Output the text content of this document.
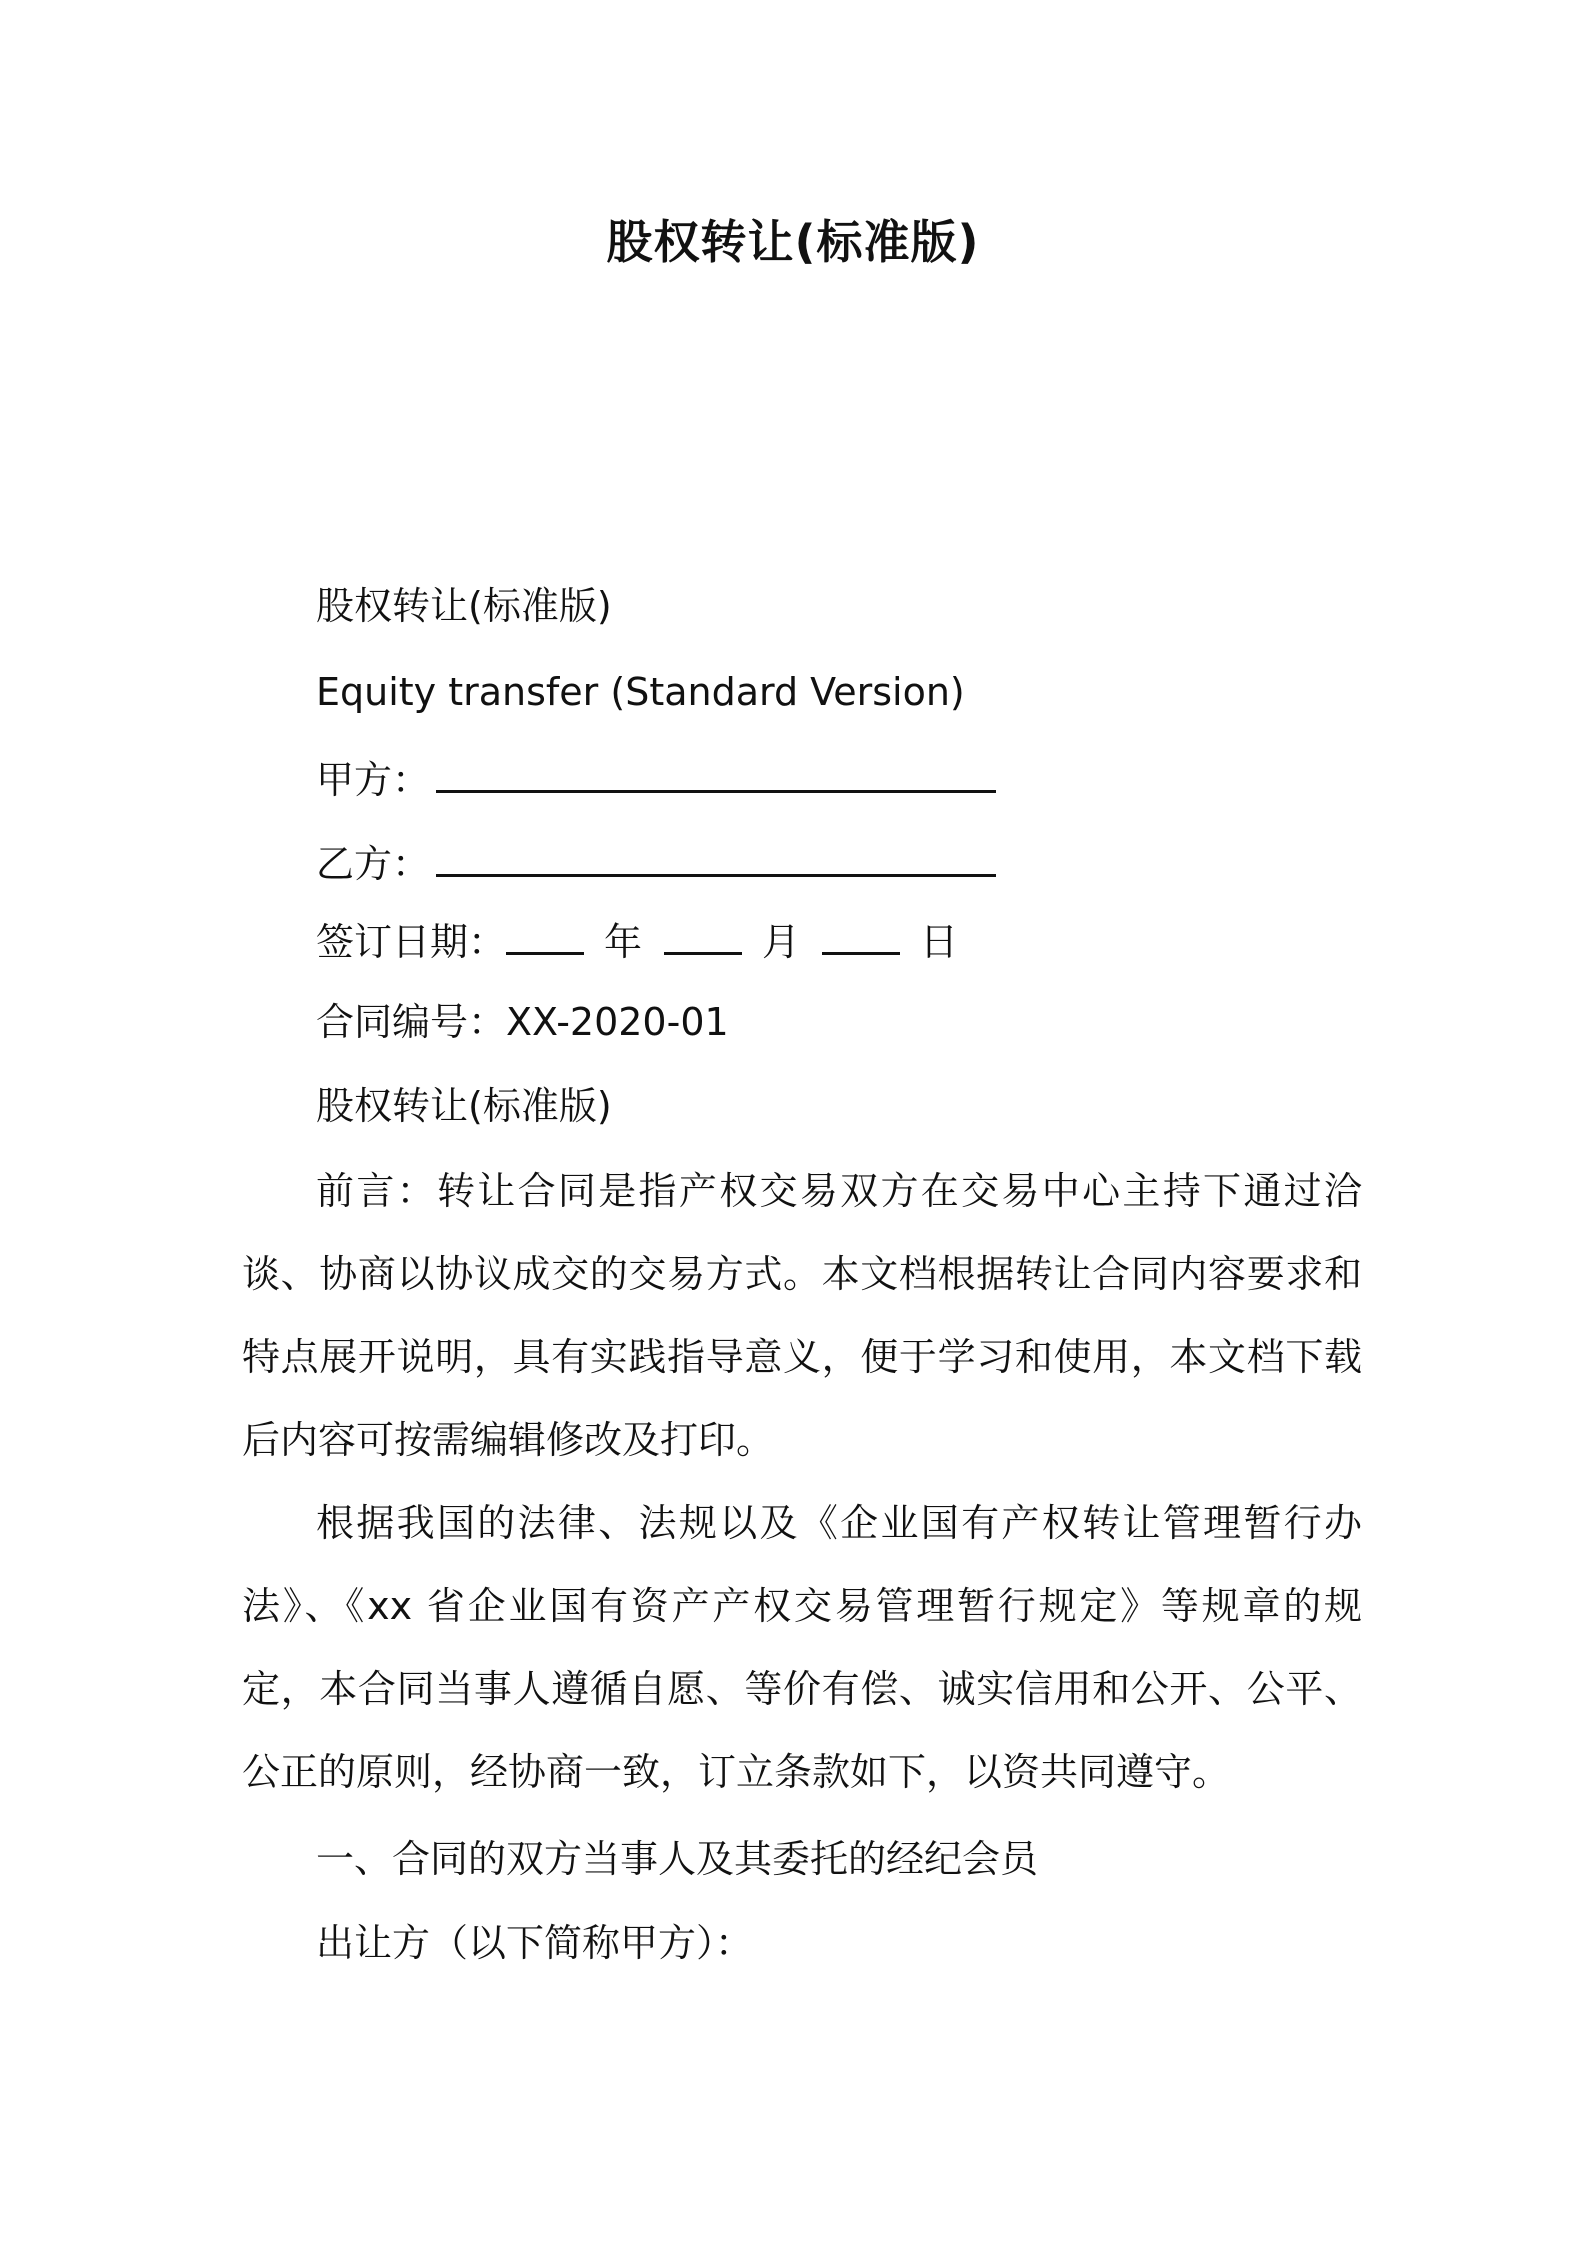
股权转让(标准版)
股权转让(标准版)
Equity transfer (Standard Version)
甲方：
乙方：
签订日期：	年	月	日
合同编号：XX-2020-01
股权转让(标准版)
前言：转让合同是指产权交易双方在交易中心主持下通过洽谈、协商以协议成交的交易方式。本文档根据转让合同内容要求和特点展开说明，具有实践指导意义，便于学习和使用，本文档下载后内容可按需编辑修改及打印。
根据我国的法律、法规以及《企业国有产权转让管理暂行办法》、《xx 省企业国有资产产权交易管理暂行规定》等规章的规定，本合同当事人遵循自愿、等价有偿、诚实信用和公开、公平、公正的原则，经协商一致，订立条款如下，以资共同遵守。
一、合同的双方当事人及其委托的经纪会员
出让方（以下简称甲方）：
